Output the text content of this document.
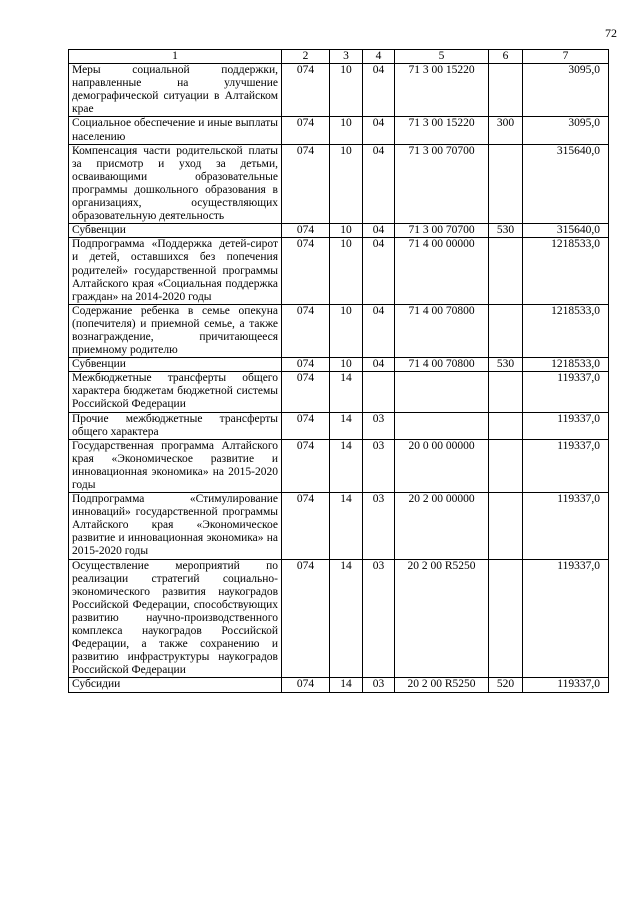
72
1	2	3	4	5	6	7
Меры социальной поддержки, направленные на улучшение демографической ситуации в Алтайском крае	074	10	04	71 3 00 15220		3095,0
Социальное обеспечение и иные выплаты населению	074	10	04	71 3 00 15220	300	3095,0
Компенсация части родительской платы за присмотр и уход за детьми, осваивающими образовательные программы дошкольного образования в организациях, осуществляющих образовательную деятельность	074	10	04	71 3 00 70700		315640,0
Субвенции	074	10	04	71 3 00 70700	530	315640,0
Подпрограмма «Поддержка детей-сирот и детей, оставшихся без попечения родителей» государственной программы Алтайского края «Социальная поддержка граждан» на 2014-2020 годы	074	10	04	71 4 00 00000		1218533,0
Содержание ребенка в семье опекуна (попечителя) и приемной семье, а также вознаграждение, причитающееся приемному родителю	074	10	04	71 4 00 70800		1218533,0
Субвенции	074	10	04	71 4 00 70800	530	1218533,0
Межбюджетные трансферты общего характера бюджетам бюджетной системы Российской Федерации	074	14				119337,0
Прочие межбюджетные трансферты общего характера	074	14	03			119337,0
Государственная программа Алтайского края «Экономическое развитие и инновационная экономика» на 2015-2020 годы	074	14	03	20 0 00 00000		119337,0
Подпрограмма «Стимулирование инноваций» государственной программы Алтайского края «Экономическое развитие и инновационная экономика» на 2015-2020 годы	074	14	03	20 2 00 00000		119337,0
Осуществление мероприятий по реализации стратегий социально-экономического развития наукоградов Российской Федерации, способствующих развитию научно-производственного комплекса наукоградов Российской Федерации, а также сохранению и развитию инфраструктуры наукоградов Российской Федерации	074	14	03	20 2 00 R5250		119337,0
Субсидии	074	14	03	20 2 00 R5250	520	119337,0
